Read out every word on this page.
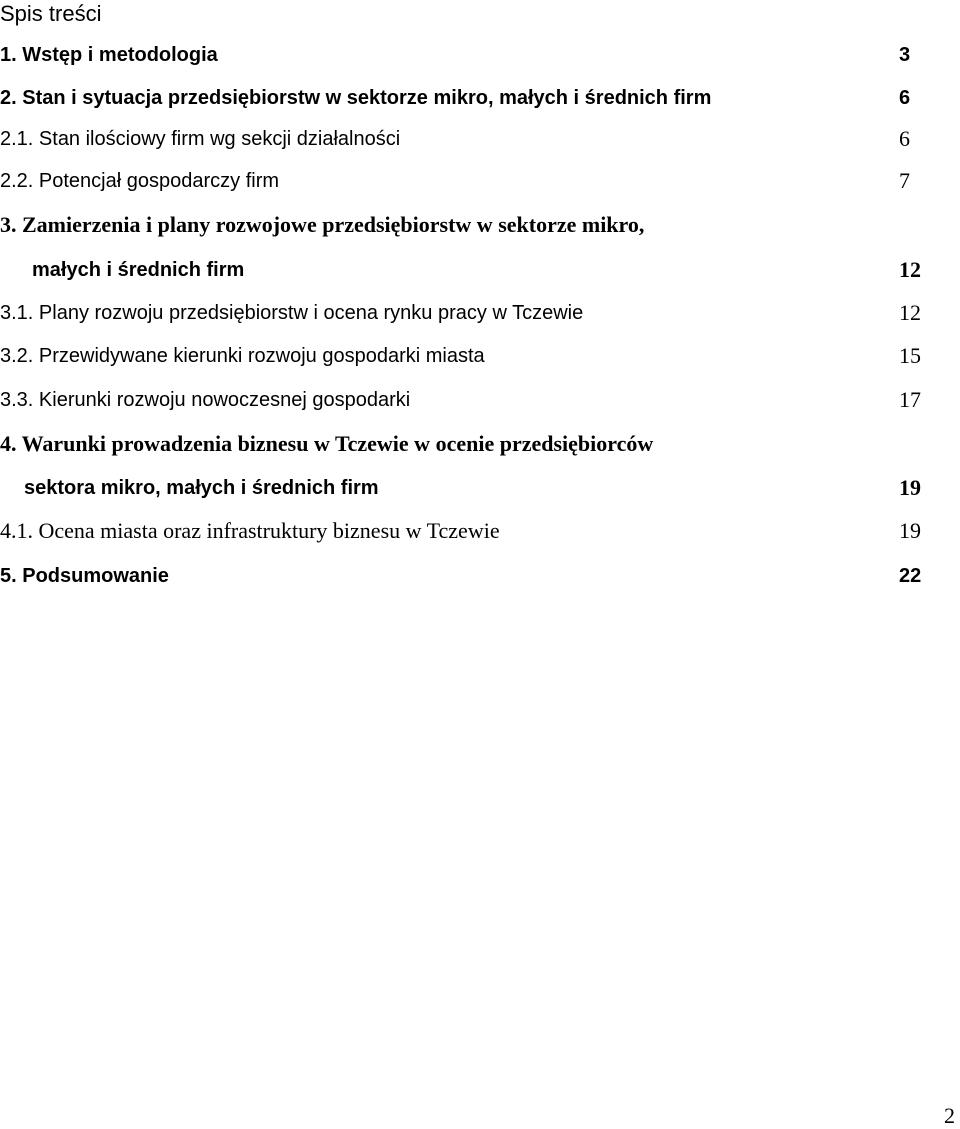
Spis treści
1. Wstęp i metodologia	3
2. Stan i sytuacja przedsiębiorstw w sektorze mikro, małych i średnich firm	6
2.1. Stan ilościowy firm wg sekcji działalności	6
2.2. Potencjał gospodarczy firm	7
3. Zamierzenia i plany rozwojowe przedsiębiorstw w sektorze mikro,
małych i średnich firm	12
3.1. Plany rozwoju przedsiębiorstw i ocena rynku pracy w Tczewie	12
3.2. Przewidywane kierunki rozwoju gospodarki miasta	15
3.3. Kierunki rozwoju nowoczesnej gospodarki	17
4. Warunki prowadzenia biznesu w Tczewie w ocenie przedsiębiorców
sektora mikro, małych i średnich firm	19
4.1. Ocena miasta oraz infrastruktury biznesu w Tczewie	19
5. Podsumowanie	22
2
